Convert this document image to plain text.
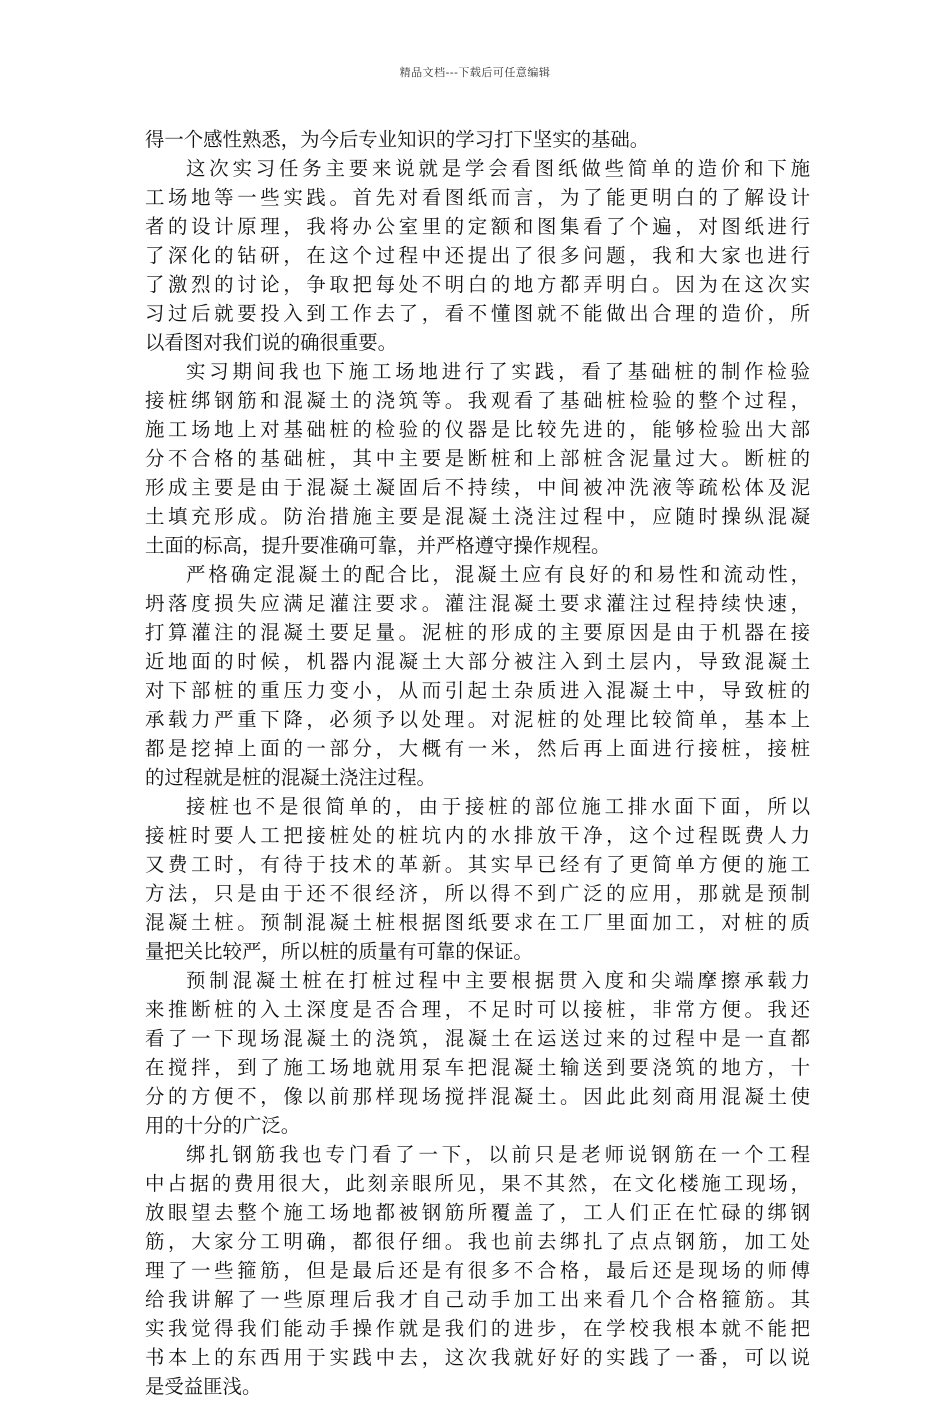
精品文档---下载后可任意编辑
得一个感性熟悉，为今后专业知识的学习打下坚实的基础。
这次实习任务主要来说就是学会看图纸做些简单的造价和下施
工场地等一些实践。首先对看图纸而言，为了能更明白的了解设计
者的设计原理，我将办公室里的定额和图集看了个遍，对图纸进行
了深化的钻研，在这个过程中还提出了很多问题，我和大家也进行
了激烈的讨论，争取把每处不明白的地方都弄明白。因为在这次实
习过后就要投入到工作去了，看不懂图就不能做出合理的造价，所
以看图对我们说的确很重要。
实习期间我也下施工场地进行了实践，看了基础桩的制作检验
接桩绑钢筋和混凝土的浇筑等。我观看了基础桩检验的整个过程，
施工场地上对基础桩的检验的仪器是比较先进的，能够检验出大部
分不合格的基础桩，其中主要是断桩和上部桩含泥量过大。断桩的
形成主要是由于混凝土凝固后不持续，中间被冲洗液等疏松体及泥
土填充形成。防治措施主要是混凝土浇注过程中，应随时操纵混凝
土面的标高，提升要准确可靠，并严格遵守操作规程。
严格确定混凝土的配合比，混凝土应有良好的和易性和流动性，
坍落度损失应满足灌注要求。灌注混凝土要求灌注过程持续快速，
打算灌注的混凝土要足量。泥桩的形成的主要原因是由于机器在接
近地面的时候，机器内混凝土大部分被注入到土层内，导致混凝土
对下部桩的重压力变小，从而引起土杂质进入混凝土中，导致桩的
承载力严重下降，必须予以处理。对泥桩的处理比较简单，基本上
都是挖掉上面的一部分，大概有一米，然后再上面进行接桩，接桩
的过程就是桩的混凝土浇注过程。
接桩也不是很简单的，由于接桩的部位施工排水面下面，所以
接桩时要人工把接桩处的桩坑内的水排放干净，这个过程既费人力
又费工时，有待于技术的革新。其实早已经有了更简单方便的施工
方法，只是由于还不很经济，所以得不到广泛的应用，那就是预制
混凝土桩。预制混凝土桩根据图纸要求在工厂里面加工，对桩的质
量把关比较严，所以桩的质量有可靠的保证。
预制混凝土桩在打桩过程中主要根据贯入度和尖端摩擦承载力
来推断桩的入土深度是否合理，不足时可以接桩，非常方便。我还
看了一下现场混凝土的浇筑，混凝土在运送过来的过程中是一直都
在搅拌，到了施工场地就用泵车把混凝土输送到要浇筑的地方，十
分的方便不，像以前那样现场搅拌混凝土。因此此刻商用混凝土使
用的十分的广泛。
绑扎钢筋我也专门看了一下，以前只是老师说钢筋在一个工程
中占据的费用很大，此刻亲眼所见，果不其然，在文化楼施工现场，
放眼望去整个施工场地都被钢筋所覆盖了，工人们正在忙碌的绑钢
筋，大家分工明确，都很仔细。我也前去绑扎了点点钢筋，加工处
理了一些箍筋，但是最后还是有很多不合格，最后还是现场的师傅
给我讲解了一些原理后我才自己动手加工出来看几个合格箍筋。其
实我觉得我们能动手操作就是我们的进步，在学校我根本就不能把
书本上的东西用于实践中去，这次我就好好的实践了一番，可以说
是受益匪浅。
